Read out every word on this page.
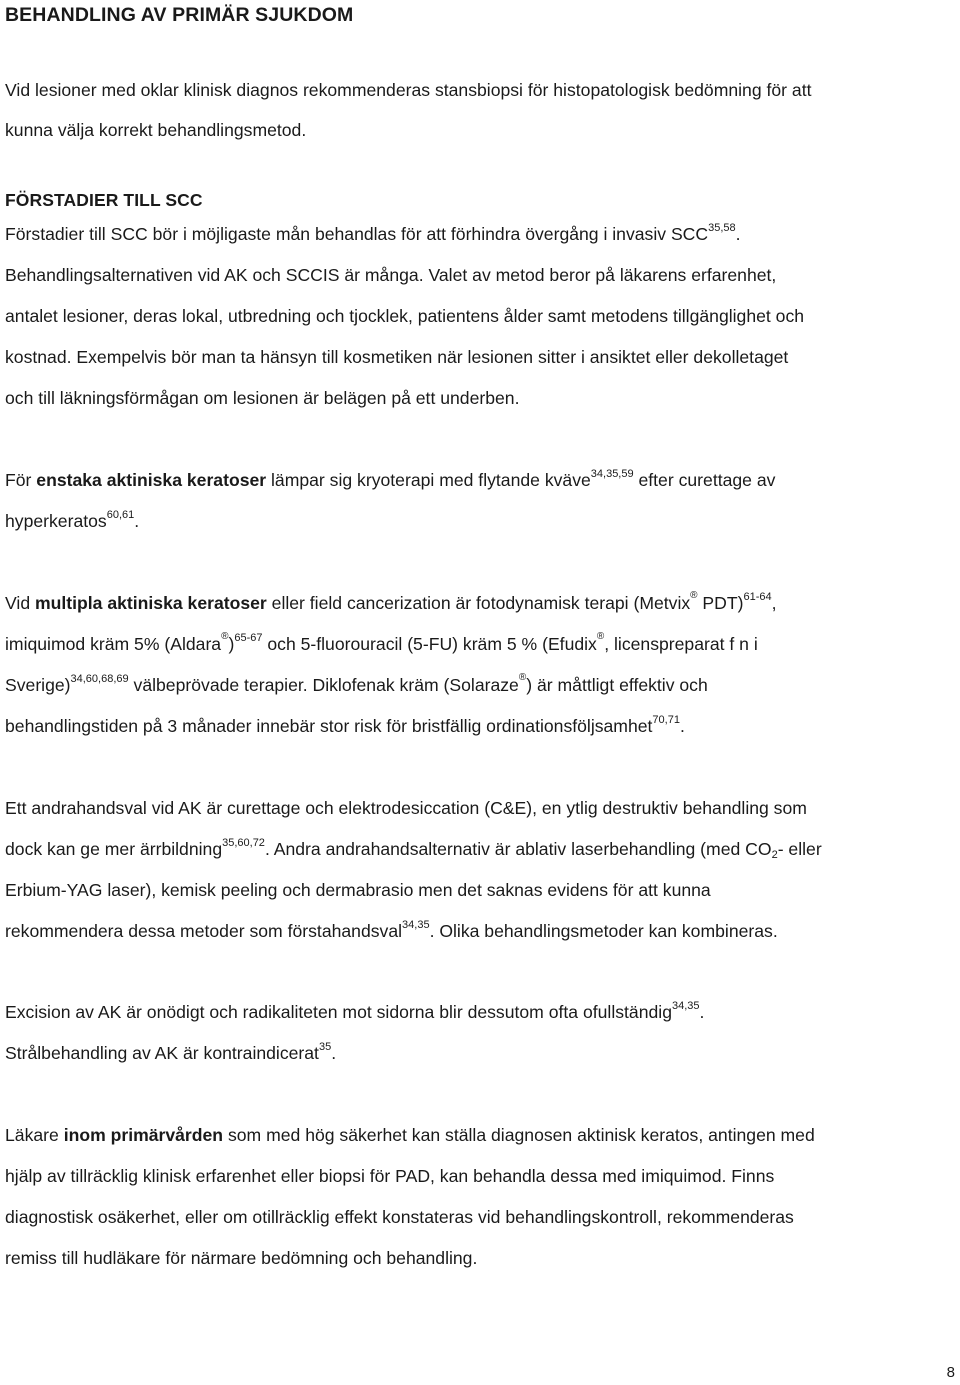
BEHANDLING AV PRIMÄR SJUKDOM
Vid lesioner med oklar klinisk diagnos rekommenderas stansbiopsi för histopatologisk bedömning för att
kunna välja korrekt behandlingsmetod.
FÖRSTADIER TILL SCC
Förstadier till SCC bör i möjligaste mån behandlas för att förhindra övergång i invasiv SCC$^{35,58}$.
Behandlingsalternativen vid AK och SCCIS är många. Valet av metod beror på läkarens erfarenhet,
antalet lesioner, deras lokal, utbredning och tjocklek, patientens ålder samt metodens tillgänglighet och
kostnad. Exempelvis bör man ta hänsyn till kosmetiken när lesionen sitter i ansiktet eller dekolletaget
och till läkningsförmågan om lesionen är belägen på ett underben.
För enstaka aktiniska keratoser lämpar sig kryoterapi med flytande kväve$^{34,35,59}$ efter curettage av
hyperkeratos$^{60,61}$.
Vid multipla aktiniska keratoser eller field cancerization är fotodynamisk terapi (Metvix® PDT)$^{61-64}$,
imiquimod kräm 5% (Aldara®)$^{65-67}$ och 5-fluorouracil (5-FU) kräm 5 % (Efudix®, licenspreparat f n i
Sverige)$^{34,60,68,69}$ välbeprövade terapier. Diklofenak kräm (Solaraze®) är måttligt effektiv och
behandlingstiden på 3 månader innebär stor risk för bristfällig ordinationsföljsamhet$^{70,71}$.
Ett andrahandsval vid AK är curettage och elektrodesiccation (C&E), en ytlig destruktiv behandling som
dock kan ge mer ärrbildning$^{35,60,72}$. Andra andrahandsalternativ är ablativ laserbehandling (med $CO_2-$ eller
Erbium-YAG laser), kemisk peeling och dermabrasio men det saknas evidens för att kunna
rekommendera dessa metoder som förstahandsval$^{34,35}$. Olika behandlingsmetoder kan kombineras.
Excision av AK är onödigt och radikaliteten mot sidorna blir dessutom ofta ofullständig$^{34,35}$.
Strålbehandling av AK är kontraindicerat$^{35}$.
Läkare inom primärvården som med hög säkerhet kan ställa diagnosen aktinisk keratos, antingen med
hjälp av tillräcklig klinisk erfarenhet eller biopsi för PAD, kan behandla dessa med imiquimod. Finns
diagnostisk osäkerhet, eller om otillräcklig effekt konstateras vid behandlingskontroll, rekommenderas
remiss till hudläkare för närmare bedömning och behandling.
8
